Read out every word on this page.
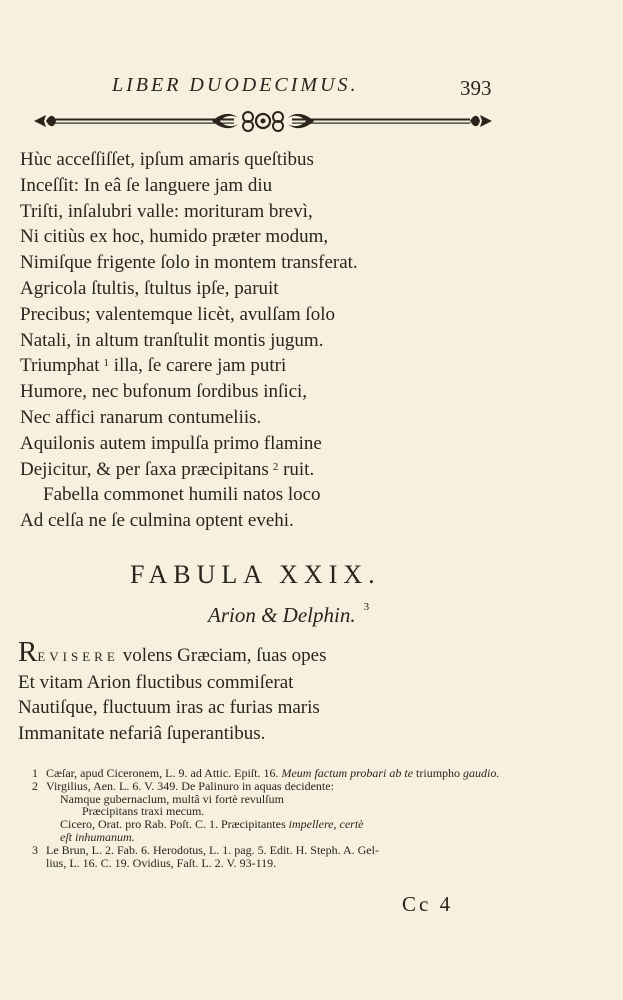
LIBER DUODECIMUS.	393
Hùc acceſſiſſet, ipſum amaris queſtibus
Inceſſit: In eâ ſe languere jam diu
Triſti, inſalubri valle: morituram brevì,
Ni citiùs ex hoc, humido præter modum,
Nimiſque frigente ſolo in montem transferat.
Agricola ſtultis, ſtultus ipſe, paruit
Precibus; valentemque licèt, avulſam ſolo
Natali, in altum tranſtulit montis jugum.
Triumphat $^1$ illa, ſe carere jam putri
Humore, nec bufonum ſordibus inſici,
Nec affici ranarum contumeliis.
Aquilonis autem impulſa primo flamine
Dejicitur, & per ſaxa præcipitans $^2$ ruit.
Fabella commonet humili natos loco
Ad celſa ne ſe culmina optent evehi.
FABULA XXIX.
Arion & Delphin. $^3$
REVISERE volens Græciam, ſuas opes
Et vitam Arion fluctibus commiſerat
Nautiſque, fluctuum iras ac furias maris
Immanitate nefariâ ſuperantibus.
1 Cæſar, apud Ciceronem, L. 9. ad Attic. Epiſt. 16. Meum factum probari ab te triumpho gaudio.
2 Virgilius, Aen. L. 6. V. 349. De Palinuro in aquas decidente:
Namque gubernaclum, multâ vi fortè revulſum
Præcipitans traxi mecum.
Cicero, Orat. pro Rab. Poſt. C. 1. Præcipitantes impellere, certè
eſt inhumanum.
3 Le Brun, L. 2. Fab. 6. Herodotus, L. 1. pag. 5. Edit. H. Steph. A. Gel-
lius, L. 16. C. 19. Ovidius, Faſt. L. 2. V. 93-119.
Cc 4
